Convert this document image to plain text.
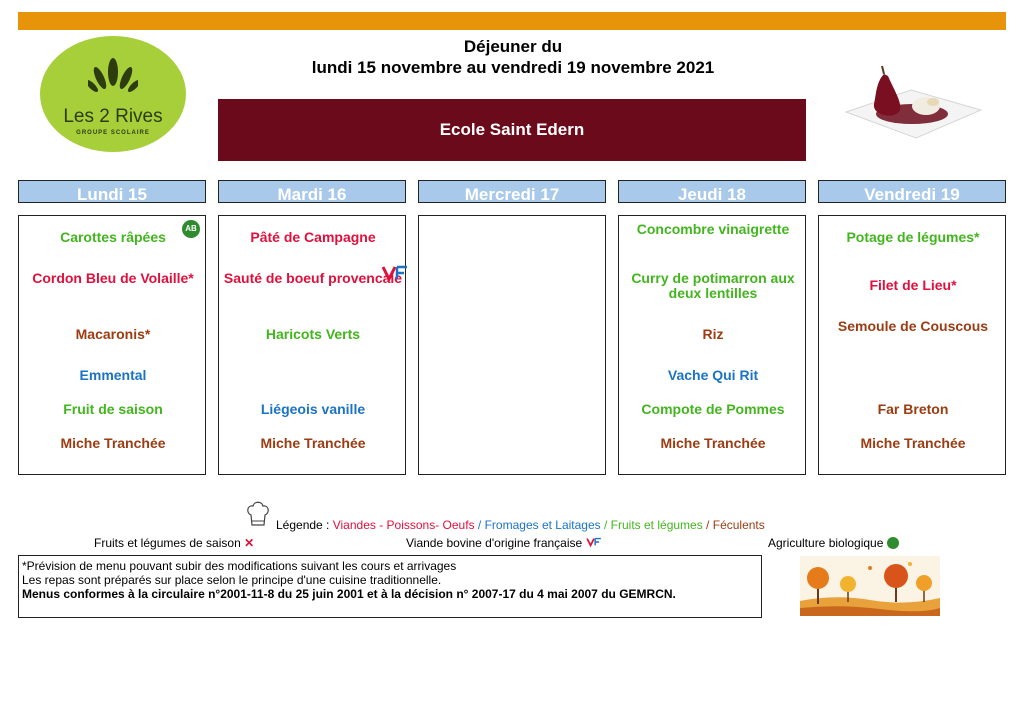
Les 2 Rives
GROUPE SCOLAIRE
Déjeuner du
lundi 15 novembre au vendredi 19 novembre 2021
Ecole Saint Edern
Lundi 15	Mardi 16	Mercredi 17	Jeudi 18	Vendredi 19
Carottes râpées
AB
Cordon Bleu de Volaille*
Macaronis*
Emmental
Fruit de saison
Miche Tranchée
Pâté de Campagne
Sauté de boeuf provencale
Haricots Verts
Liégeois vanille
Miche Tranchée
Concombre vinaigrette
Curry de potimarron aux deux lentilles
Riz
Vache Qui Rit
Compote de Pommes
Miche Tranchée
Potage de légumes*
Filet de Lieu*
Semoule de Couscous
Far Breton
Miche Tranchée
Légende : Viandes - Poissons- Oeufs / Fromages et Laitages / Fruits et légumes / Féculents
Fruits et légumes de saison ✕	Viande bovine d'origine française	Agriculture biologique
*Prévision de menu pouvant subir des modifications suivant les cours et arrivages
Les repas sont préparés sur place selon le principe d'une cuisine traditionnelle.
Menus conformes à la circulaire n°2001-11-8 du 25 juin 2001 et à la décision n° 2007-17 du 4 mai 2007 du GEMRCN.
